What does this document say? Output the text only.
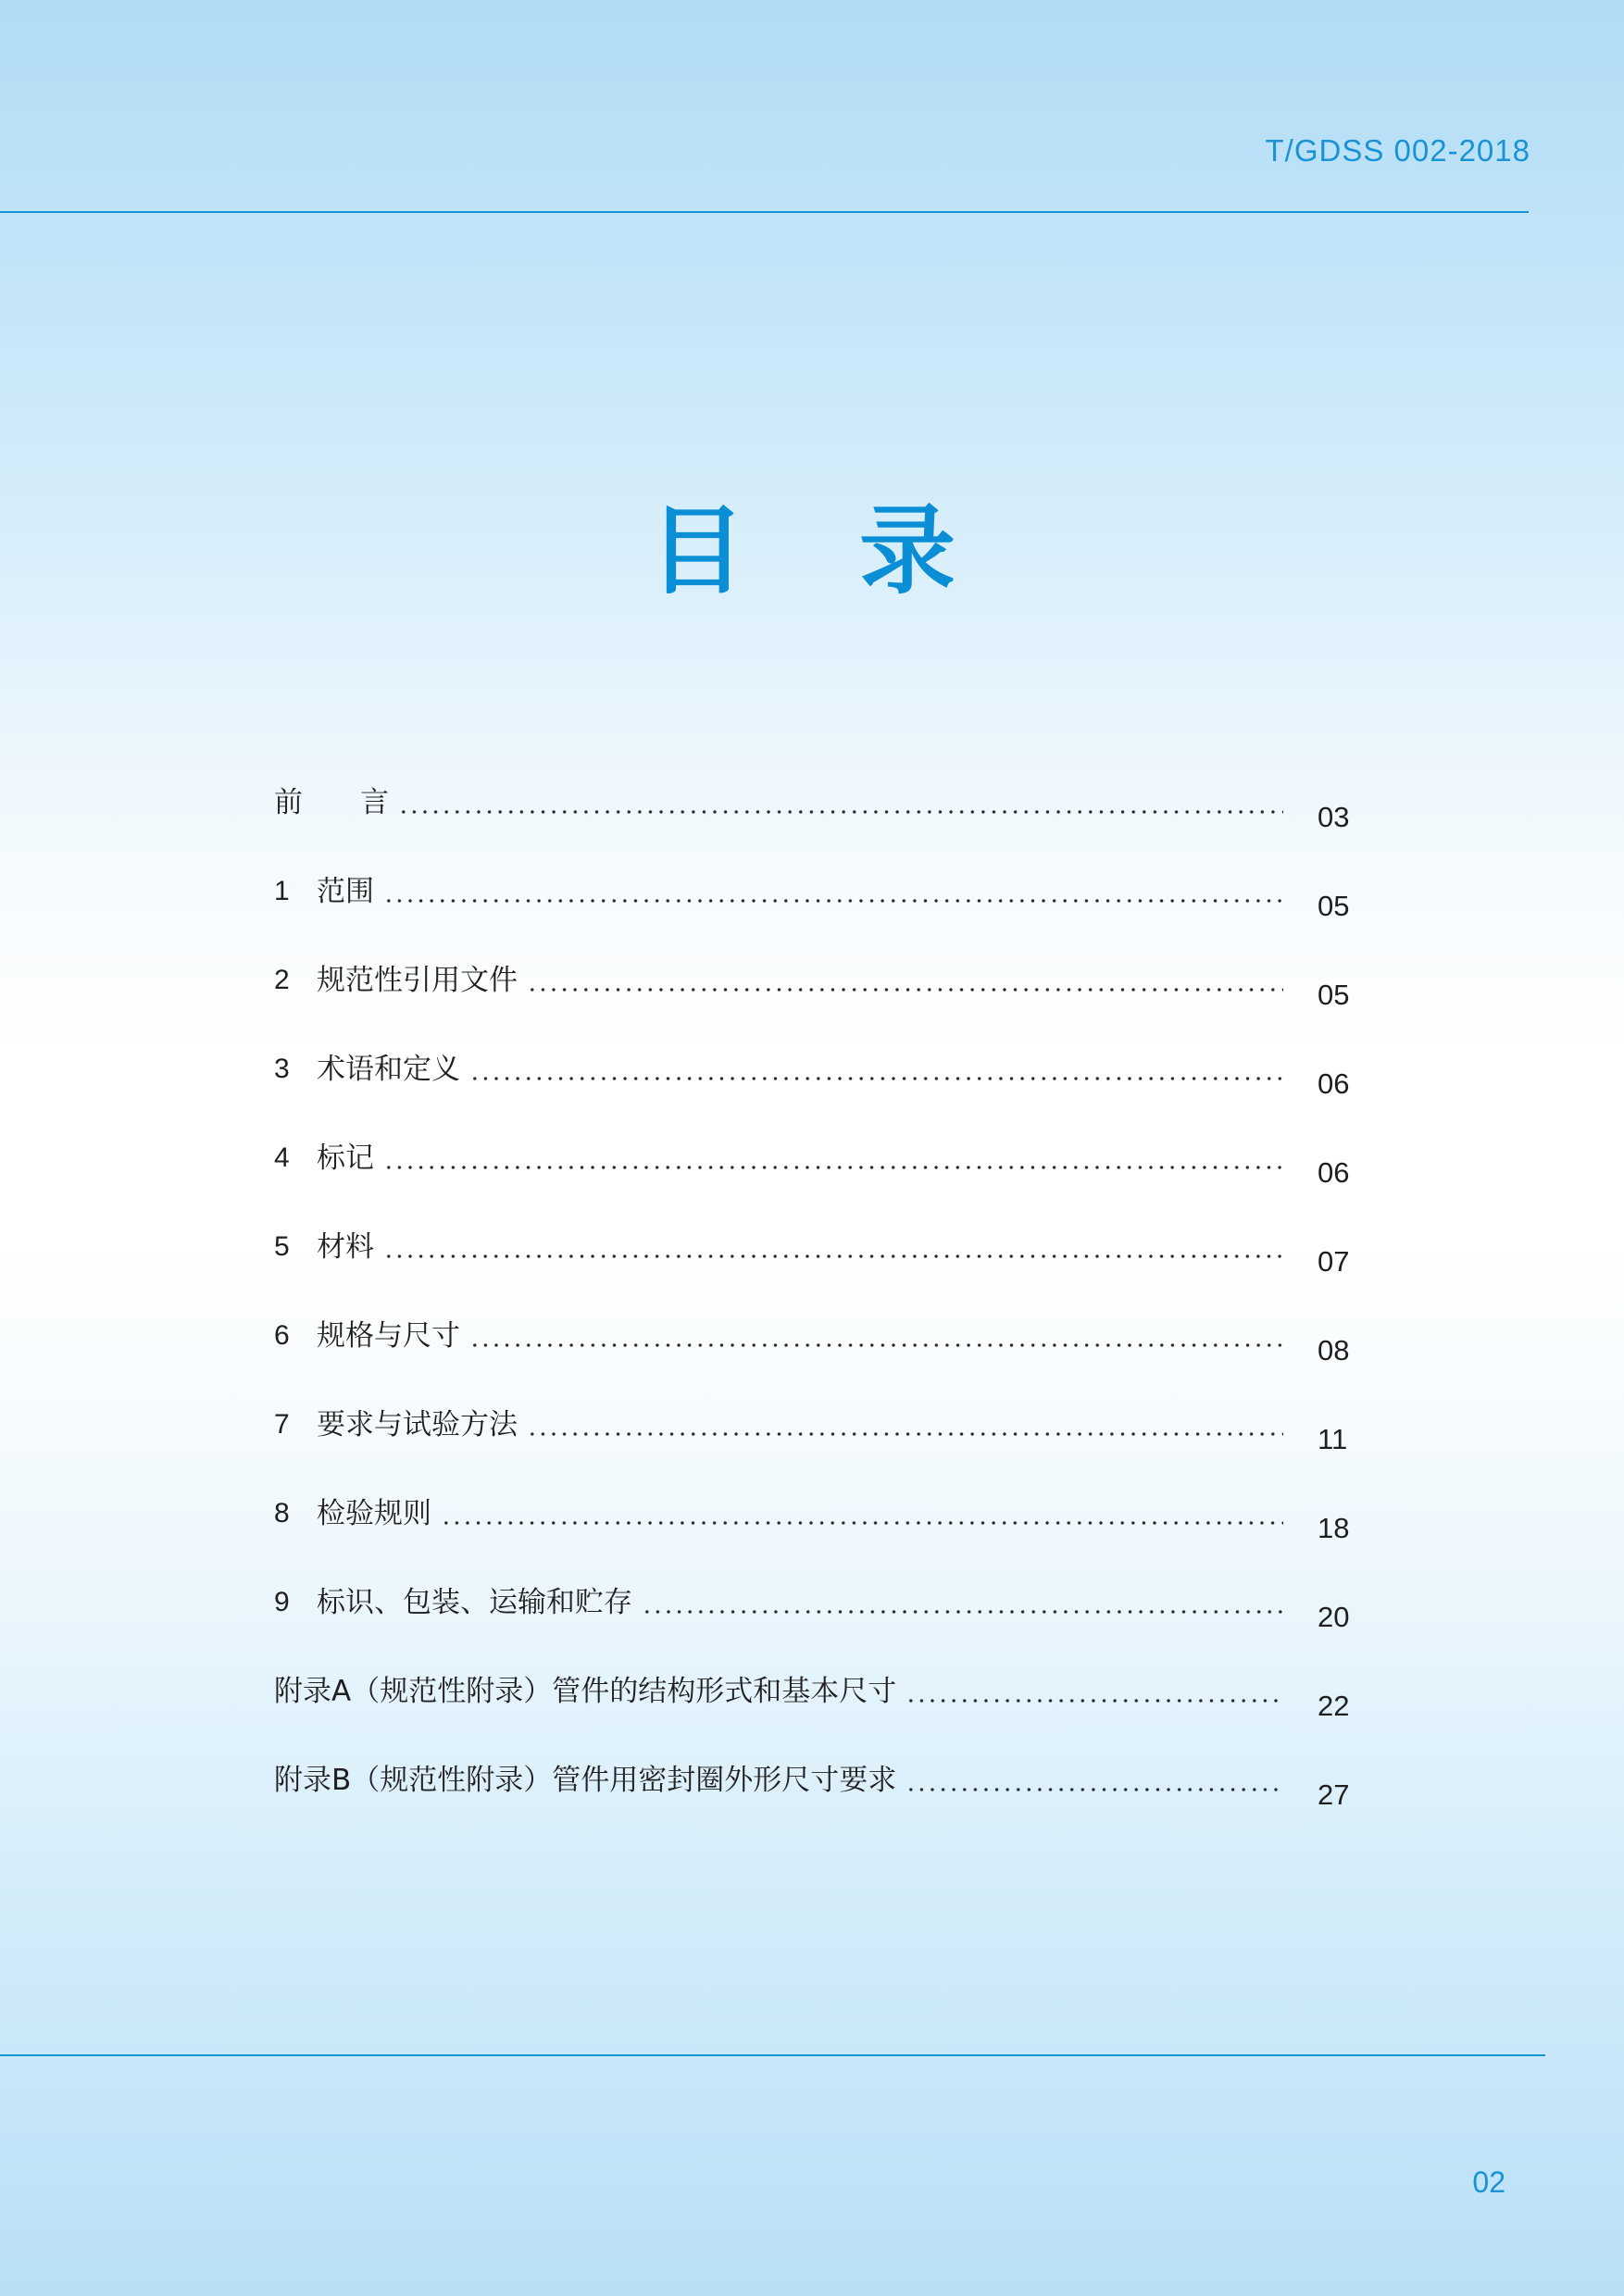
T/GDSS 002-2018
目 录
前　　言	03
1 范围	05
2 规范性引用文件	05
3 术语和定义	06
4 标记	06
5 材料	07
6 规格与尺寸	08
7 要求与试验方法	11
8 检验规则	18
9 标识、包装、运输和贮存	20
附录A（规范性附录）管件的结构形式和基本尺寸	22
附录B（规范性附录）管件用密封圈外形尺寸要求	27
02
